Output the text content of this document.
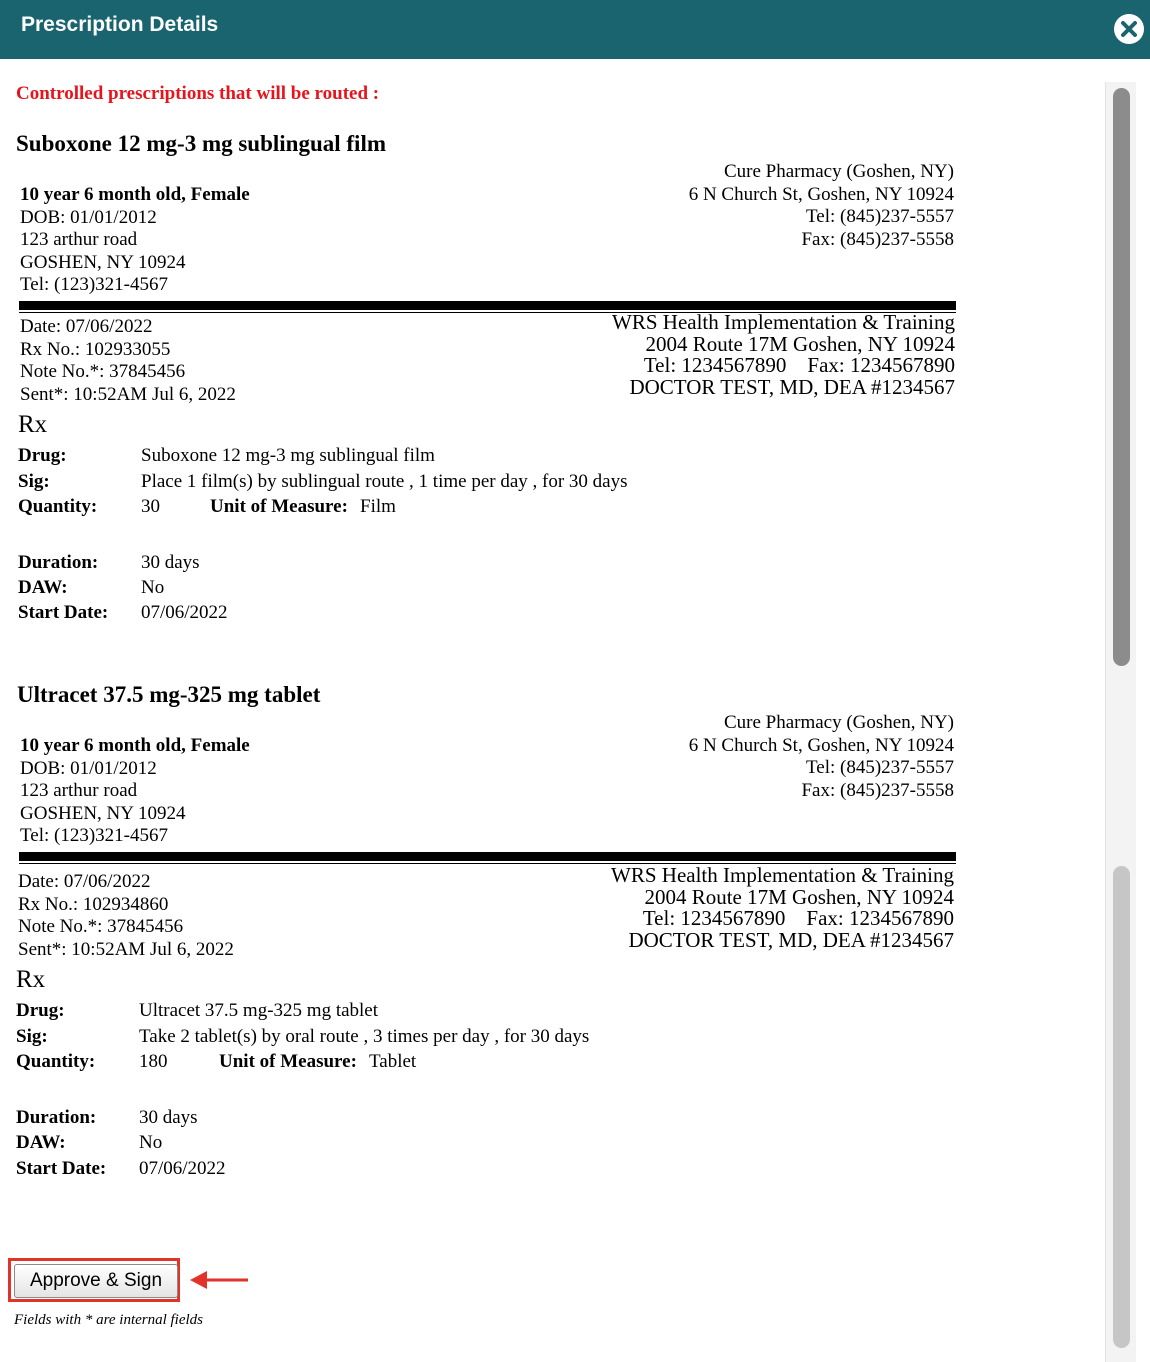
Prescription Details
Controlled prescriptions that will be routed :
Suboxone 12 mg-3 mg sublingual film
10 year 6 month old, Female
DOB: 01/01/2012
123 arthur road
GOSHEN, NY 10924
Tel: (123)321-4567
Cure Pharmacy (Goshen, NY)
6 N Church St, Goshen, NY 10924
Tel: (845)237-5557
Fax: (845)237-5558
Date: 07/06/2022
Rx No.: 102933055
Note No.*: 37845456
Sent*: 10:52AM Jul 6, 2022
WRS Health Implementation & Training
2004 Route 17M Goshen, NY 10924
Tel: 1234567890    Fax: 1234567890
DOCTOR TEST, MD, DEA #1234567
Rx
Drug:	Suboxone 12 mg-3 mg sublingual film
Sig:	Place 1 film(s) by sublingual route , 1 time per day , for 30 days
Quantity: 30	Unit of Measure: Film
Duration: 30 days
DAW:	No
Start Date: 07/06/2022
Ultracet 37.5 mg-325 mg tablet
10 year 6 month old, Female
DOB: 01/01/2012
123 arthur road
GOSHEN, NY 10924
Tel: (123)321-4567
Cure Pharmacy (Goshen, NY)
6 N Church St, Goshen, NY 10924
Tel: (845)237-5557
Fax: (845)237-5558
Date: 07/06/2022
Rx No.: 102934860
Note No.*: 37845456
Sent*: 10:52AM Jul 6, 2022
WRS Health Implementation & Training
2004 Route 17M Goshen, NY 10924
Tel: 1234567890    Fax: 1234567890
DOCTOR TEST, MD, DEA #1234567
Rx
Drug:	Ultracet 37.5 mg-325 mg tablet
Sig:	Take 2 tablet(s) by oral route , 3 times per day , for 30 days
Quantity: 180	Unit of Measure: Tablet
Duration: 30 days
DAW:	No
Start Date: 07/06/2022
Approve & Sign
Fields with * are internal fields
